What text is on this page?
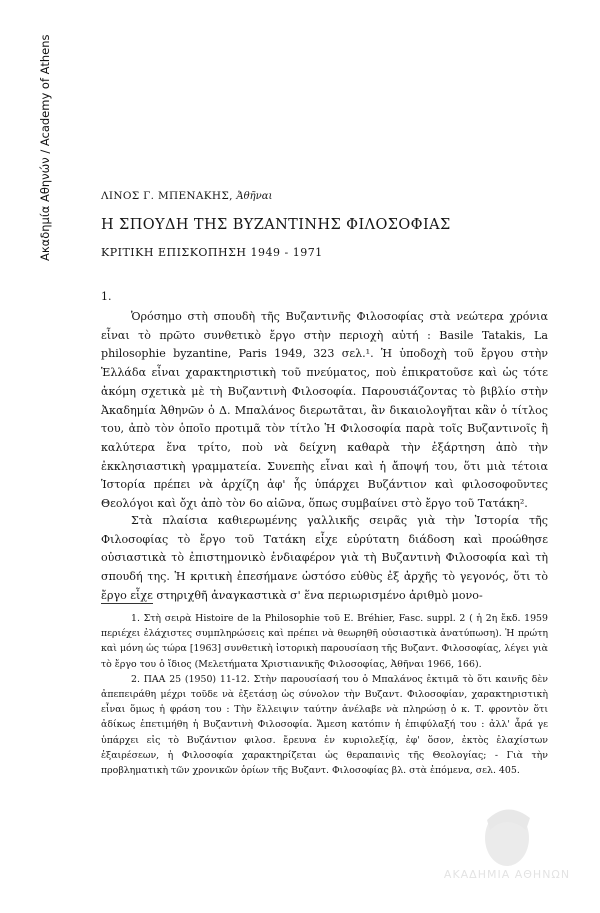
Ακαδημία Αθηνών / Academy of Athens	ΛΙΝΟΣ Γ. ΜΠΕΝΑΚΗΣ, Ἀθῆναι
Η ΣΠΟΥΔΗ ΤΗΣ ΒΥΖΑΝΤΙΝΗΣ ΦΙΛΟΣΟΦΙΑΣ
ΚΡΙΤΙΚΗ ΕΠΙΣΚΟΠΗΣΗ 1949 - 1971
1.

Ὁρόσημο στὴ σπουδὴ τῆς Βυζαντινῆς Φιλοσοφίας στὰ νεώτερα χρόνια εἶναι τὸ πρῶτο συνθετικὸ ἔργο στὴν περιοχὴ αὐτή : Basile Tatakis, La philosophie byzantine, Paris 1949, 323 σελ.¹. Ἡ ὑποδοχὴ τοῦ ἔργου στὴν Ἑλλάδα εἶναι χαρακτηριστικὴ τοῦ πνεύματος, ποὺ ἐπικρατοῦσε καὶ ὡς τότε ἀκόμη σχετικὰ μὲ τὴ Βυζαντινὴ Φιλοσοφία. Παρουσιάζοντας τὸ βιβλίο στὴν Ἀκαδημία Ἀθηνῶν ὁ Δ. Μπαλάνος διερωτᾶται, ἂν δικαιολογῆται κἂν ὁ τίτλος του, ἀπὸ τὸν ὁποῖο προτιμᾶ τὸν τίτλο Ἡ Φιλοσοφία παρὰ τοῖς Βυζαντινοῖς ἢ καλύτερα ἕνα τρίτο, ποὺ νὰ δείχνη καθαρὰ τὴν ἐξάρτηση ἀπὸ τὴν ἐκκλησιαστικὴ γραμματεία. Συνεπὴς εἶναι καὶ ἡ ἄποψή του, ὅτι μιὰ τέτοια Ἱστορία πρέπει νὰ ἀρχίζη ἀφ' ἧς ὑπάρχει Βυζάντιον καὶ φιλοσοφοῦντες Θεολόγοι καὶ ὄχι ἀπὸ τὸν 6ο αἰῶνα, ὅπως συμβαίνει στὸ ἔργο τοῦ Τατάκη².

Στὰ πλαίσια καθιερωμένης γαλλικῆς σειρᾶς γιὰ τὴν Ἱστορία τῆς Φιλοσοφίας τὸ ἔργο τοῦ Τατάκη εἶχε εὐρύτατη διάδοση καὶ προώθησε οὐσιαστικὰ τὸ ἐπιστημονικὸ ἐνδιαφέρον γιὰ τὴ Βυζαντινὴ Φιλοσοφία καὶ τὴ σπουδή της. Ἡ κριτικὴ ἐπεσήμανε ὡστόσο εὐθὺς ἐξ ἀρχῆς τὸ γεγονός, ὅτι τὸ ἔργο εἶχε στηριχθῆ ἀναγκαστικὰ σ' ἕνα περιωρισμένο ἀριθμὸ μονο-

1. Στὴ σειρὰ Histoire de la Philosophie τοῦ E. Bréhier, Fasc. suppl. 2 ( ἡ 2η ἔκδ. 1959 περιέχει ἐλάχιστες συμπληρώσεις καὶ πρέπει νὰ θεωρηθῆ οὐσιαστικὰ ἀνατύπωση). Ἡ πρώτη καὶ μόνη ὡς τώρα [1963] συνθετικὴ ἱστορικὴ παρουσίαση τῆς Βυζαντ. Φιλοσοφίας, λέγει γιὰ τὸ ἔργο του ὁ ἴδιος (Μελετήματα Χριστιανικῆς Φιλοσοφίας, Ἀθῆναι 1966, 166).

2. ΠΑΑ 25 (1950) 11-12. Στὴν παρουσίασή του ὁ Μπαλάνος ἐκτιμᾶ τὸ ὅτι καινῆς δὲν ἀπεπειράθη μέχρι τοῦδε νὰ ἐξετάσῃ ὡς σύνολον τὴν Βυζαντ. Φιλοσοφίαν, χαρακτηριστικὴ εἶναι ὅμως ἡ φράση του : Τὴν ἔλλειψιν ταύτην ἀνέλαβε νὰ πληρώσῃ ὁ κ. Τ. φροντὸν ὅτι ἀδίκως ἐπετιμήθη ἡ Βυζαντινὴ Φιλοσοφία. Ἄμεση κατόπιν ἡ ἐπιφύλαξή του : ἀλλ' ἆρά γε ὑπάρχει εἰς τὸ Βυζάντιον φιλοσ. ἔρευνα ἐν κυριολεξίᾳ, ἐφ' ὅσον, ἐκτὸς ἐλαχίστων ἐξαιρέσεων, ἡ Φιλοσοφία χαρακτηρίζεται ὡς θεραπαινὶς τῆς Θεολογίας; - Γιὰ τὴν προβληματικὴ τῶν χρονικῶν ὁρίων τῆς Βυζαντ. Φιλοσοφίας βλ. στὰ ἑπόμενα, σελ. 405.

ΑΚΑΔΗΜΙΑ ΑΘΗΝΩΝ
